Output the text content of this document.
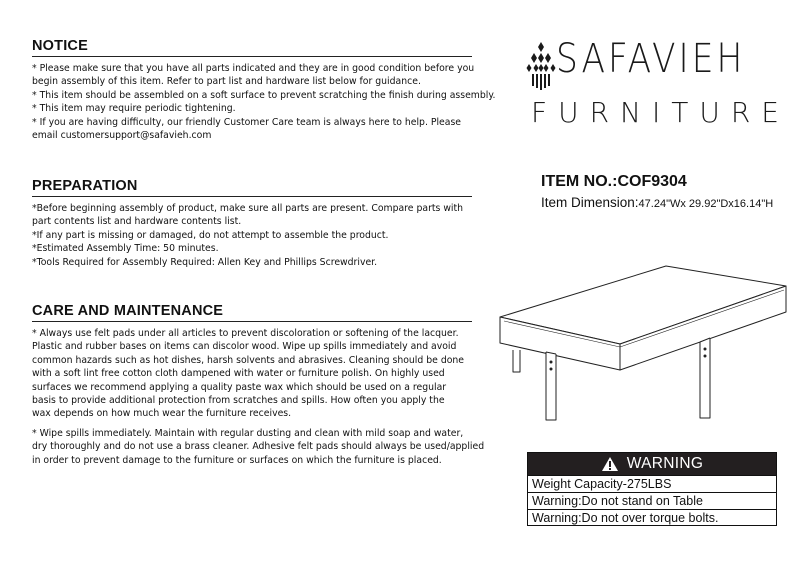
NOTICE

* Please make sure that you have all parts indicated and they are in good condition before you
begin assembly of this item. Refer to part list and hardware list below for guidance.
* This item should be assembled on a soft surface to prevent scratching the finish during assembly.
* This item may require periodic tightening.
* If you are having difficulty, our friendly Customer Care team is always here to help. Please
email customersupport@safavieh.com

PREPARATION

*Before beginning assembly of product, make sure all parts are present. Compare parts with
part contents list and hardware contents list.
*If any part is missing or damaged, do not attempt to assemble the product.
*Estimated Assembly Time: 50 minutes.
*Tools Required for Assembly Required: Allen Key and Phillips Screwdriver.

CARE AND MAINTENANCE

* Always use felt pads under all articles to prevent discoloration or softening of the lacquer.
Plastic and rubber bases on items can discolor wood. Wipe up spills immediately and avoid
common hazards such as hot dishes, harsh solvents and abrasives. Cleaning should be done
with a soft lint free cotton cloth dampened with water or furniture polish. On highly used
surfaces we recommend applying a quality paste wax which should be used on a regular
basis to provide additional protection from scratches and spills. How often you apply the
wax depends on how much wear the furniture receives.

* Wipe spills immediately. Maintain with regular dusting and clean with mild soap and water,
dry thoroughly and do not use a brass cleaner. Adhesive felt pads should always be used/applied
in order to prevent damage to the furniture or surfaces on which the furniture is placed.

SAFAVIEH
FURNITURE
ITEM NO.:COF9304
Item Dimension:47.24"Wx 29.92"Dx16.14"H
WARNING
Weight Capacity-275LBS
Warning:Do not stand on Table
Warning:Do not over torque bolts.
